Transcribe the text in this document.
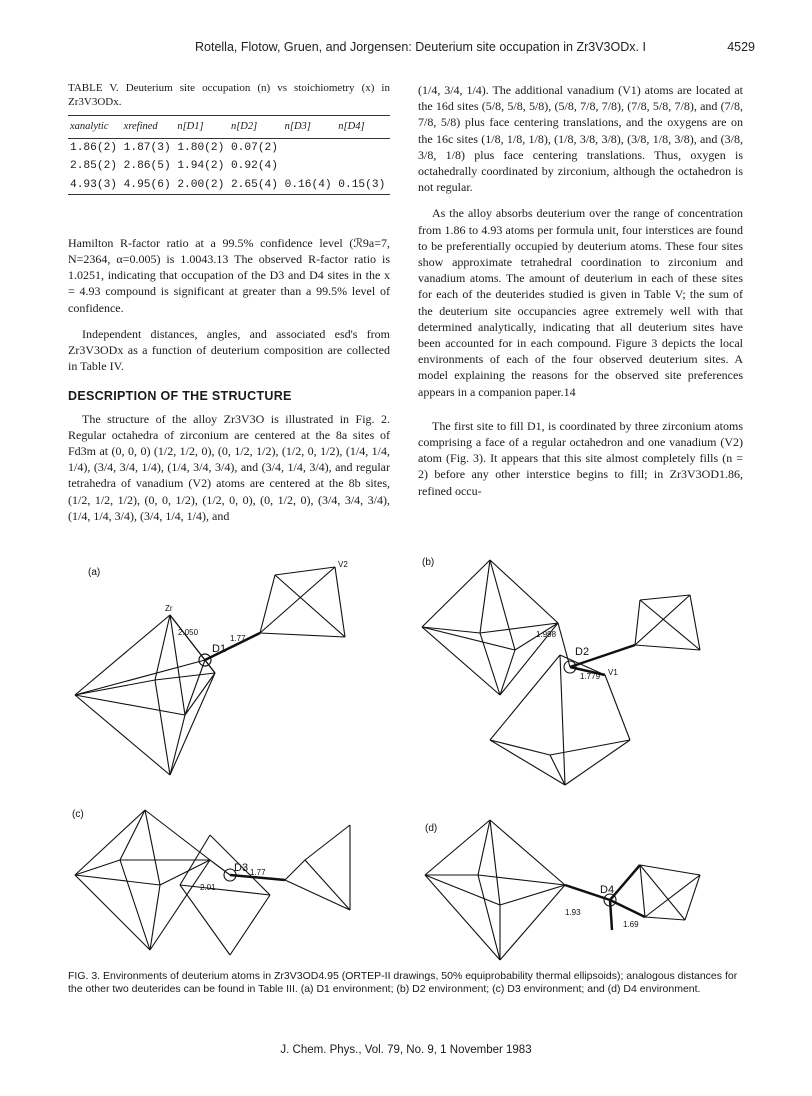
Rotella, Flotow, Gruen, and Jorgensen: Deuterium site occupation in Zr3V3ODx. I	4529
TABLE V. Deuterium site occupation (n) vs stoichiometry (x) in Zr3V3ODx.
xanalytic	xrefined	n[D1]	n[D2]	n[D3]	n[D4]
1.86(2)	1.87(3)	1.80(2)	0.07(2)		
2.85(2)	2.86(5)	1.94(2)	0.92(4)		
4.93(3)	4.95(6)	2.00(2)	2.65(4)	0.16(4)	0.15(3)

Hamilton R-factor ratio at a 99.5% confidence level (ℛ9a=7, N=2364, α=0.005) is 1.0043.13 The observed R-factor ratio is 1.0251, indicating that occupation of the D3 and D4 sites in the x = 4.93 compound is significant at greater than a 99.5% level of confidence.

Independent distances, angles, and associated esd's from Zr3V3ODx as a function of deuterium composition are collected in Table IV.

DESCRIPTION OF THE STRUCTURE

The structure of the alloy Zr3V3O is illustrated in Fig. 2. Regular octahedra of zirconium are centered at the 8a sites of Fd3m at (0, 0, 0) (1/2, 1/2, 0), (0, 1/2, 1/2), (1/2, 0, 1/2), (1/4, 1/4, 1/4), (3/4, 3/4, 1/4), (1/4, 3/4, 3/4), and (3/4, 1/4, 3/4), and regular tetrahedra of vanadium (V2) atoms are centered at the 8b sites, (1/2, 1/2, 1/2), (0, 0, 1/2), (1/2, 0, 0), (0, 1/2, 0), (3/4, 3/4, 3/4), (1/4, 1/4, 3/4), (3/4, 1/4, 1/4), and

(1/4, 3/4, 1/4). The additional vanadium (V1) atoms are located at the 16d sites (5/8, 5/8, 5/8), (5/8, 7/8, 7/8), (7/8, 5/8, 7/8), and (7/8, 7/8, 5/8) plus face centering translations, and the oxygens are on the 16c sites (1/8, 1/8, 1/8), (1/8, 3/8, 3/8), (3/8, 1/8, 3/8), and (3/8, 3/8, 1/8) plus face centering translations. Thus, oxygen is octahedrally coordinated by zirconium, although the octahedron is not regular.

As the alloy absorbs deuterium over the range of concentration from 1.86 to 4.93 atoms per formula unit, four interstices are found to be preferentially occupied by deuterium atoms. These four sites show approximate tetrahedral coordination to zirconium and vanadium atoms. The amount of deuterium in each of these sites for each of the deuterides studied is given in Table V; the sum of the deuterium site occupancies agree extremely well with that determined analytically, indicating that all deuterium sites have been accounted for in each compound. Figure 3 depicts the local environments of each of the four observed deuterium sites. A model explaining the reasons for the observed site preferences appears in a companion paper.14

The first site to fill D1, is coordinated by three zirconium atoms comprising a face of a regular octahedron and one vanadium (V2) atom (Fig. 3). It appears that this site almost completely fills (n = 2) before any other interstice begins to fill; in Zr3V3OD1.86, refined occu-

(a)
(b)
(c)
(d)
D1	D2
D3
D4
Zr
V2
V1
1.77
2.050	1.998
1.779
2.01
1.77
1.93
1.69
FIG. 3. Environments of deuterium atoms in Zr3V3OD4.95 (ORTEP-II drawings, 50% equiprobability thermal ellipsoids); analogous distances for the other two deuterides can be found in Table III. (a) D1 environment; (b) D2 environment; (c) D3 environment; and (d) D4 environment.
J. Chem. Phys., Vol. 79, No. 9, 1 November 1983
